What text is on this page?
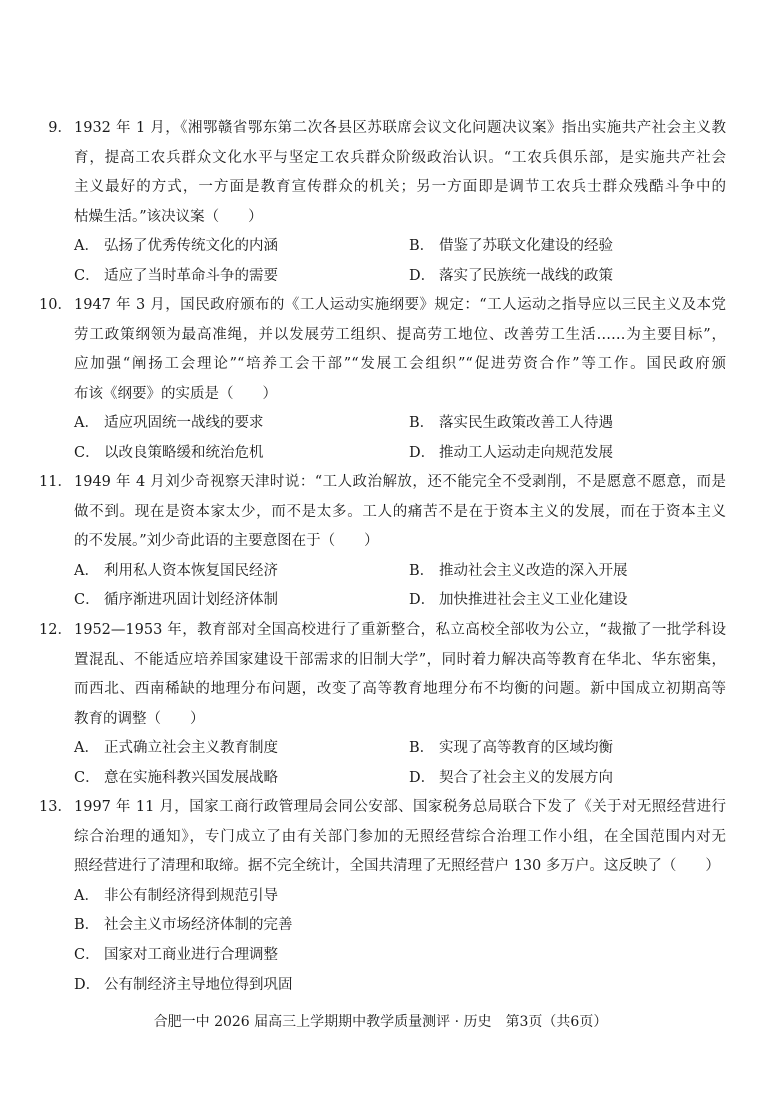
9． 1932 年 1 月，《湘鄂赣省鄂东第二次各县区苏联席会议文化问题决议案》指出实施共产社会主义教
育，提高工农兵群众文化水平与坚定工农兵群众阶级政治认识。“工农兵俱乐部，是实施共产社会
主义最好的方式，一方面是教育宣传群众的机关；另一方面即是调节工农兵士群众残酷斗争中的
枯燥生活。”该决议案（　　）
A． 弘扬了优秀传统文化的内涵	B． 借鉴了苏联文化建设的经验
C． 适应了当时革命斗争的需要	D． 落实了民族统一战线的政策
10． 1947 年 3 月，国民政府颁布的《工人运动实施纲要》规定：“工人运动之指导应以三民主义及本党
劳工政策纲领为最高准绳，并以发展劳工组织、提高劳工地位、改善劳工生活……为主要目标”，
应加强“阐扬工会理论”“培养工会干部”“发展工会组织”“促进劳资合作”等工作。国民政府颁
布该《纲要》的实质是（　　）
A． 适应巩固统一战线的要求	B． 落实民生政策改善工人待遇
C． 以改良策略缓和统治危机	D． 推动工人运动走向规范发展
11． 1949 年 4 月刘少奇视察天津时说：“工人政治解放，还不能完全不受剥削，不是愿意不愿意，而是
做不到。现在是资本家太少，而不是太多。工人的痛苦不是在于资本主义的发展，而在于资本主义
的不发展。”刘少奇此语的主要意图在于（　　）
A． 利用私人资本恢复国民经济	B． 推动社会主义改造的深入开展
C． 循序渐进巩固计划经济体制	D． 加快推进社会主义工业化建设
12． 1952—1953 年，教育部对全国高校进行了重新整合，私立高校全部收为公立，“裁撤了一批学科设
置混乱、不能适应培养国家建设干部需求的旧制大学”，同时着力解决高等教育在华北、华东密集，
而西北、西南稀缺的地理分布问题，改变了高等教育地理分布不均衡的问题。新中国成立初期高等
教育的调整（　　）
A． 正式确立社会主义教育制度	B． 实现了高等教育的区域均衡
C． 意在实施科教兴国发展战略	D． 契合了社会主义的发展方向
13． 1997 年 11 月，国家工商行政管理局会同公安部、国家税务总局联合下发了《关于对无照经营进行
综合治理的通知》，专门成立了由有关部门参加的无照经营综合治理工作小组，在全国范围内对无
照经营进行了清理和取缔。据不完全统计，全国共清理了无照经营户 130 多万户。这反映了（　　）
A． 非公有制经济得到规范引导
B． 社会主义市场经济体制的完善
C． 国家对工商业进行合理调整
D． 公有制经济主导地位得到巩固
合肥一中 2026 届高三上学期期中教学质量测评 · 历史　第3页（共6页）
